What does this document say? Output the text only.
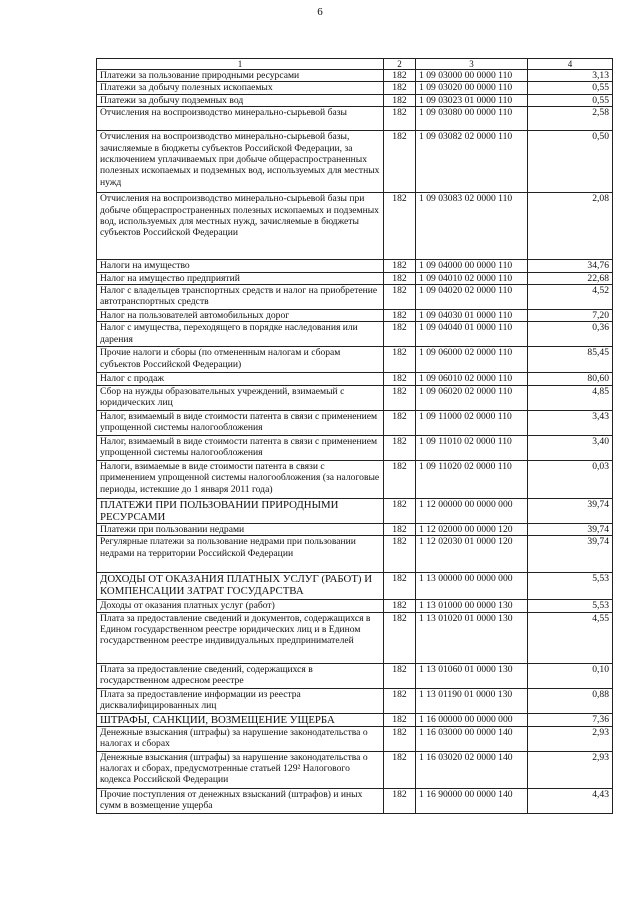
6
1	2	3	4
Платежи за пользование природными ресурсами	182	1 09 03000 00 0000 110	3,13
Платежи за добычу полезных ископаемых	182	1 09 03020 00 0000 110	0,55
Платежи за добычу подземных вод	182	1 09 03023 01 0000 110	0,55
Отчисления на воспроизводство минерально-сырьевой базы	182	1 09 03080 00 0000 110	2,58
Отчисления на воспроизводство минерально-сырьевой базы, зачисляемые в бюджеты субъектов Российской Федерации, за исключением уплачиваемых при добыче общераспространенных полезных ископаемых и подземных вод, используемых для местных нужд	182	1 09 03082 02 0000 110	0,50
Отчисления на воспроизводство минерально-сырьевой базы при добыче общераспространенных полезных ископаемых и подземных вод, используемых для местных нужд, зачисляемые в бюджеты субъектов Российской Федерации	182	1 09 03083 02 0000 110	2,08
Налоги на имущество	182	1 09 04000 00 0000 110	34,76
Налог на имущество предприятий	182	1 09 04010 02 0000 110	22,68
Налог с владельцев транспортных средств и налог на приобретение автотранспортных средств	182	1 09 04020 02 0000 110	4,52
Налог на пользователей автомобильных дорог	182	1 09 04030 01 0000 110	7,20
Налог с имущества, переходящего в порядке наследования или дарения	182	1 09 04040 01 0000 110	0,36
Прочие налоги и сборы (по отмененным налогам и сборам субъектов Российской Федерации)	182	1 09 06000 02 0000 110	85,45
Налог с продаж	182	1 09 06010 02 0000 110	80,60
Сбор на нужды образовательных учреждений, взимаемый с юридических лиц	182	1 09 06020 02 0000 110	4,85
Налог, взимаемый в виде стоимости патента в связи с применением упрощенной системы налогообложения	182	1 09 11000 02 0000 110	3,43
Налог, взимаемый в виде стоимости патента в связи с применением упрощенной системы налогообложения	182	1 09 11010 02 0000 110	3,40
Налоги, взимаемые в виде стоимости патента в связи с применением упрощенной системы налогообложения (за налоговые периоды, истекшие до 1 января 2011 года)	182	1 09 11020 02 0000 110	0,03
ПЛАТЕЖИ ПРИ ПОЛЬЗОВАНИИ ПРИРОДНЫМИ РЕСУРСАМИ	182	1 12 00000 00 0000 000	39,74
Платежи при пользовании недрами	182	1 12 02000 00 0000 120	39,74
Регулярные платежи за пользование недрами при пользовании недрами на территории Российской Федерации	182	1 12 02030 01 0000 120	39,74
ДОХОДЫ ОТ ОКАЗАНИЯ ПЛАТНЫХ УСЛУГ (РАБОТ) И КОМПЕНСАЦИИ ЗАТРАТ ГОСУДАРСТВА	182	1 13 00000 00 0000 000	5,53
Доходы от оказания платных услуг (работ)	182	1 13 01000 00 0000 130	5,53
Плата за предоставление сведений и документов, содержащихся в Едином государственном реестре юридических лиц и в Едином государственном реестре индивидуальных предпринимателей	182	1 13 01020 01 0000 130	4,55
Плата за предоставление сведений, содержащихся в государственном адресном реестре	182	1 13 01060 01 0000 130	0,10
Плата за предоставление информации из реестра дисквалифицированных лиц	182	1 13 01190 01 0000 130	0,88
ШТРАФЫ, САНКЦИИ, ВОЗМЕЩЕНИЕ УЩЕРБА	182	1 16 00000 00 0000 000	7,36
Денежные взыскания (штрафы) за нарушение законодательства о налогах и сборах	182	1 16 03000 00 0000 140	2,93
Денежные взыскания (штрафы) за нарушение законодательства о налогах и сборах, предусмотренные статьей 129² Налогового кодекса Российской Федерации	182	1 16 03020 02 0000 140	2,93
Прочие поступления от денежных взысканий (штрафов) и иных сумм в возмещение ущерба	182	1 16 90000 00 0000 140	4,43
